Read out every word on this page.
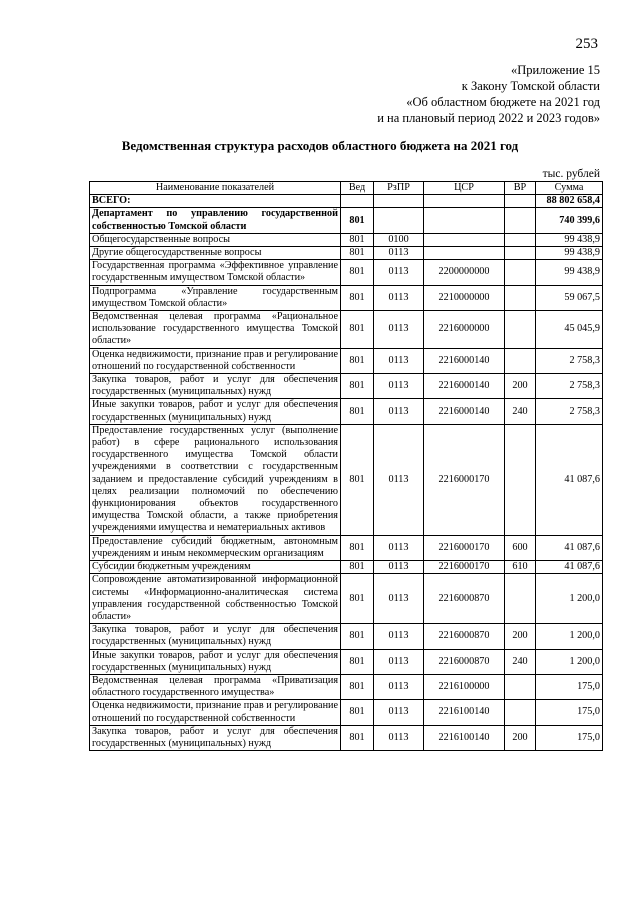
253
«Приложение 15
к Закону Томской области
«Об областном бюджете на 2021 год
и на плановый период 2022 и 2023 годов»
Ведомственная структура расходов областного бюджета на 2021 год
тыс. рублей
Наименование показателей	Вед	РзПР	ЦСР	ВР	Сумма
ВСЕГО:					88 802 658,4
Департамент по управлению государственной собственностью Томской области	801				740 399,6
Общегосударственные вопросы	801	0100			99 438,9
Другие общегосударственные вопросы	801	0113			99 438,9
Государственная программа «Эффективное управление государственным имуществом Томской области»	801	0113	2200000000		99 438,9
Подпрограмма «Управление государственным имуществом Томской области»	801	0113	2210000000		59 067,5
Ведомственная целевая программа «Рациональное использование государственного имущества Томской области»	801	0113	2216000000		45 045,9
Оценка недвижимости, признание прав и регулирование отношений по государственной собственности	801	0113	2216000140		2 758,3
Закупка товаров, работ и услуг для обеспечения государственных (муниципальных) нужд	801	0113	2216000140	200	2 758,3
Иные закупки товаров, работ и услуг для обеспечения государственных (муниципальных) нужд	801	0113	2216000140	240	2 758,3
Предоставление государственных услуг (выполнение работ) в сфере рационального использования государственного имущества Томской области учреждениями в соответствии с государственным заданием и предоставление субсидий учреждениям в целях реализации полномочий по обеспечению функционирования объектов государственного имущества Томской области, а также приобретения учреждениями имущества и нематериальных активов	801	0113	2216000170		41 087,6
Предоставление субсидий бюджетным, автономным учреждениям и иным некоммерческим организациям	801	0113	2216000170	600	41 087,6
Субсидии бюджетным учреждениям	801	0113	2216000170	610	41 087,6
Сопровождение автоматизированной информационной системы «Информационно-аналитическая система управления государственной собственностью Томской области»	801	0113	2216000870		1 200,0
Закупка товаров, работ и услуг для обеспечения государственных (муниципальных) нужд	801	0113	2216000870	200	1 200,0
Иные закупки товаров, работ и услуг для обеспечения государственных (муниципальных) нужд	801	0113	2216000870	240	1 200,0
Ведомственная целевая программа «Приватизация областного государственного имущества»	801	0113	2216100000		175,0
Оценка недвижимости, признание прав и регулирование отношений по государственной собственности	801	0113	2216100140		175,0
Закупка товаров, работ и услуг для обеспечения государственных (муниципальных) нужд	801	0113	2216100140	200	175,0
